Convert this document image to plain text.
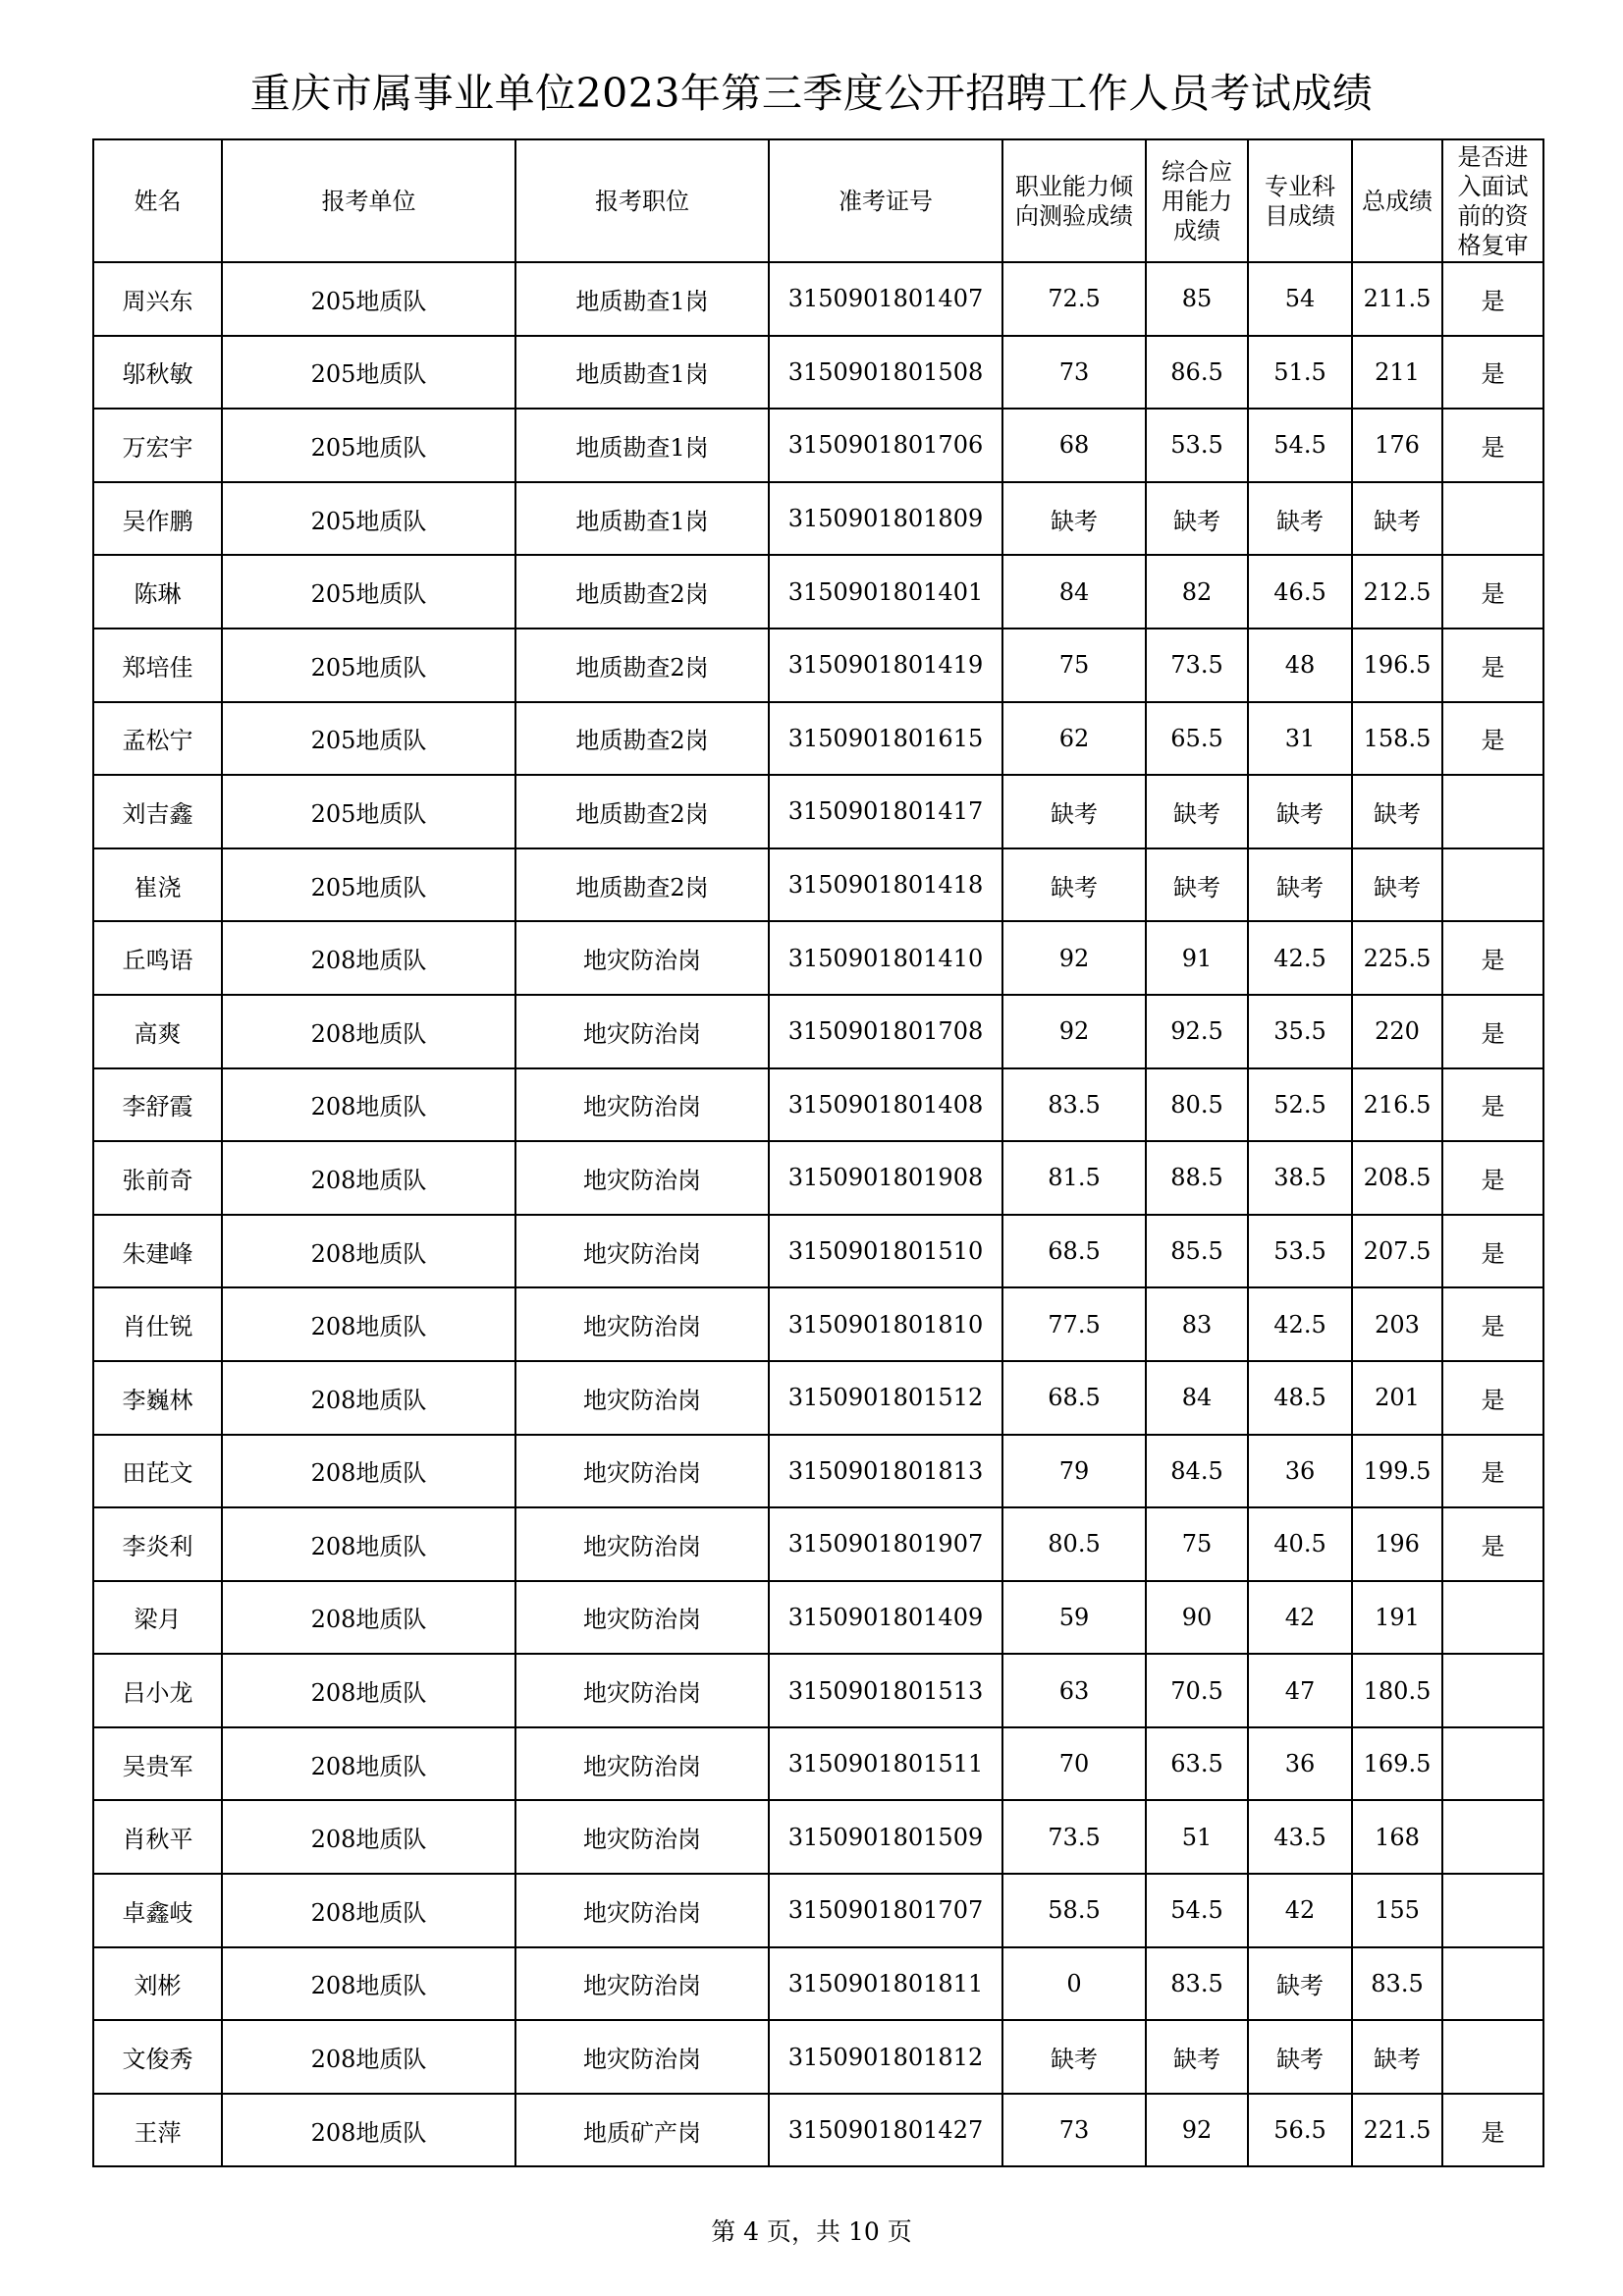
重庆市属事业单位2023年第三季度公开招聘工作人员考试成绩
姓名	报考单位	报考职位	准考证号	职业能力倾向测验成绩	综合应用能力成绩	专业科目成绩	总成绩	是否进入面试前的资格复审
周兴东	205地质队	地质勘查1岗	3150901801407	72.5	85	54	211.5	是
邬秋敏	205地质队	地质勘查1岗	3150901801508	73	86.5	51.5	211	是
万宏宇	205地质队	地质勘查1岗	3150901801706	68	53.5	54.5	176	是
吴作鹏	205地质队	地质勘查1岗	3150901801809	缺考	缺考	缺考	缺考	
陈琳	205地质队	地质勘查2岗	3150901801401	84	82	46.5	212.5	是
郑培佳	205地质队	地质勘查2岗	3150901801419	75	73.5	48	196.5	是
孟松宁	205地质队	地质勘查2岗	3150901801615	62	65.5	31	158.5	是
刘吉鑫	205地质队	地质勘查2岗	3150901801417	缺考	缺考	缺考	缺考	
崔浇	205地质队	地质勘查2岗	3150901801418	缺考	缺考	缺考	缺考	
丘鸣语	208地质队	地灾防治岗	3150901801410	92	91	42.5	225.5	是
高爽	208地质队	地灾防治岗	3150901801708	92	92.5	35.5	220	是
李舒霞	208地质队	地灾防治岗	3150901801408	83.5	80.5	52.5	216.5	是
张前奇	208地质队	地灾防治岗	3150901801908	81.5	88.5	38.5	208.5	是
朱建峰	208地质队	地灾防治岗	3150901801510	68.5	85.5	53.5	207.5	是
肖仕锐	208地质队	地灾防治岗	3150901801810	77.5	83	42.5	203	是
李巍林	208地质队	地灾防治岗	3150901801512	68.5	84	48.5	201	是
田芘文	208地质队	地灾防治岗	3150901801813	79	84.5	36	199.5	是
李炎利	208地质队	地灾防治岗	3150901801907	80.5	75	40.5	196	是
梁月	208地质队	地灾防治岗	3150901801409	59	90	42	191	
吕小龙	208地质队	地灾防治岗	3150901801513	63	70.5	47	180.5	
吴贵军	208地质队	地灾防治岗	3150901801511	70	63.5	36	169.5	
肖秋平	208地质队	地灾防治岗	3150901801509	73.5	51	43.5	168	
卓鑫岐	208地质队	地灾防治岗	3150901801707	58.5	54.5	42	155	
刘彬	208地质队	地灾防治岗	3150901801811	0	83.5	缺考	83.5	
文俊秀	208地质队	地灾防治岗	3150901801812	缺考	缺考	缺考	缺考	
王萍	208地质队	地质矿产岗	3150901801427	73	92	56.5	221.5	是
第 4 页，共 10 页
